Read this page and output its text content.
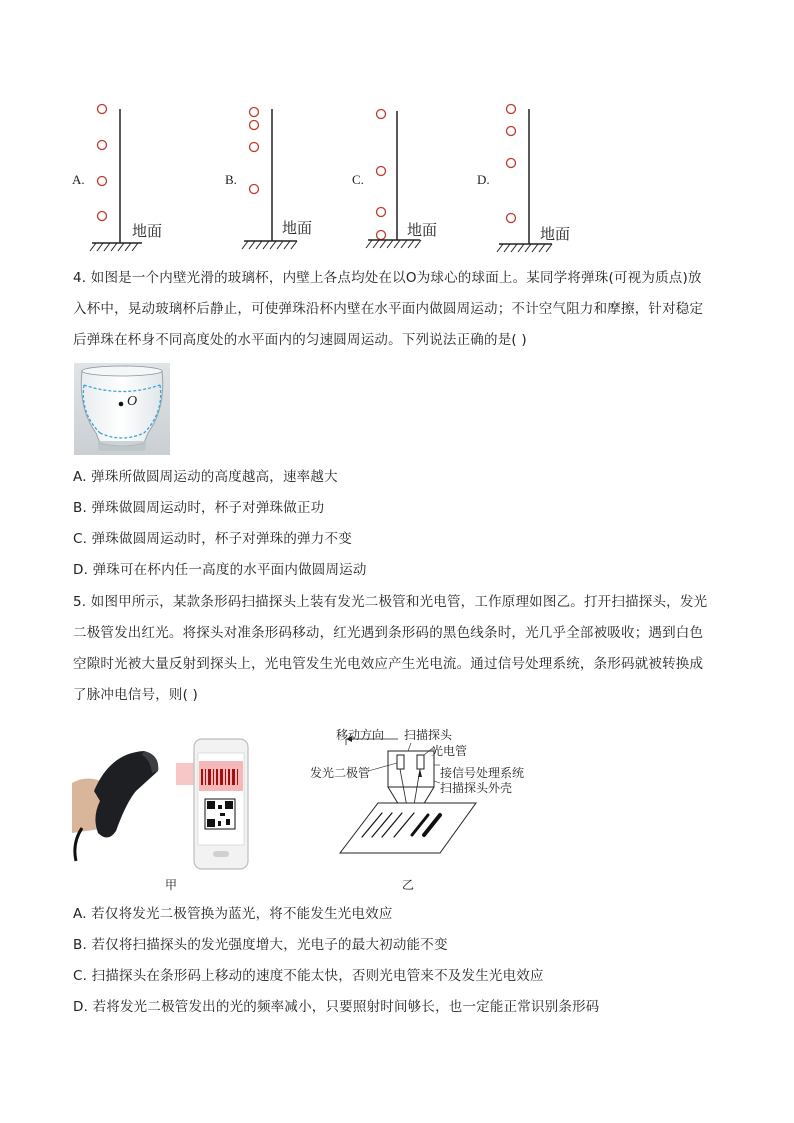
A.
地面
B.
地面
C.
地面
D.
地面
4. 如图是一个内壁光滑的玻璃杯，内壁上各点均处在以O为球心的球面上。某同学将弹珠(可视为质点)放
入杯中，晃动玻璃杯后静止，可使弹珠沿杯内壁在水平面内做圆周运动；不计空气阻力和摩擦，针对稳定
后弹珠在杯身不同高度处的水平面内的匀速圆周运动。下列说法正确的是( )
O
A. 弹珠所做圆周运动的高度越高，速率越大
B. 弹珠做圆周运动时，杯子对弹珠做正功
C. 弹珠做圆周运动时，杯子对弹珠的弹力不变
D. 弹珠可在杯内任一高度的水平面内做圆周运动
5. 如图甲所示，某款条形码扫描探头上装有发光二极管和光电管，工作原理如图乙。打开扫描探头，发光
二极管发出红光。将探头对准条形码移动，红光遇到条形码的黑色线条时，光几乎全部被吸收；遇到白色
空隙时光被大量反射到探头上，光电管发生光电效应产生光电流。通过信号处理系统，条形码就被转换成
了脉冲电信号，则( )
甲
移动方向 扫描探头
光电管
发光二极管	接信号处理系统
扫描探头外壳
乙
A. 若仅将发光二极管换为蓝光，将不能发生光电效应
B. 若仅将扫描探头的发光强度增大，光电子的最大初动能不变
C. 扫描探头在条形码上移动的速度不能太快，否则光电管来不及发生光电效应
D. 若将发光二极管发出的光的频率减小，只要照射时间够长，也一定能正常识别条形码
